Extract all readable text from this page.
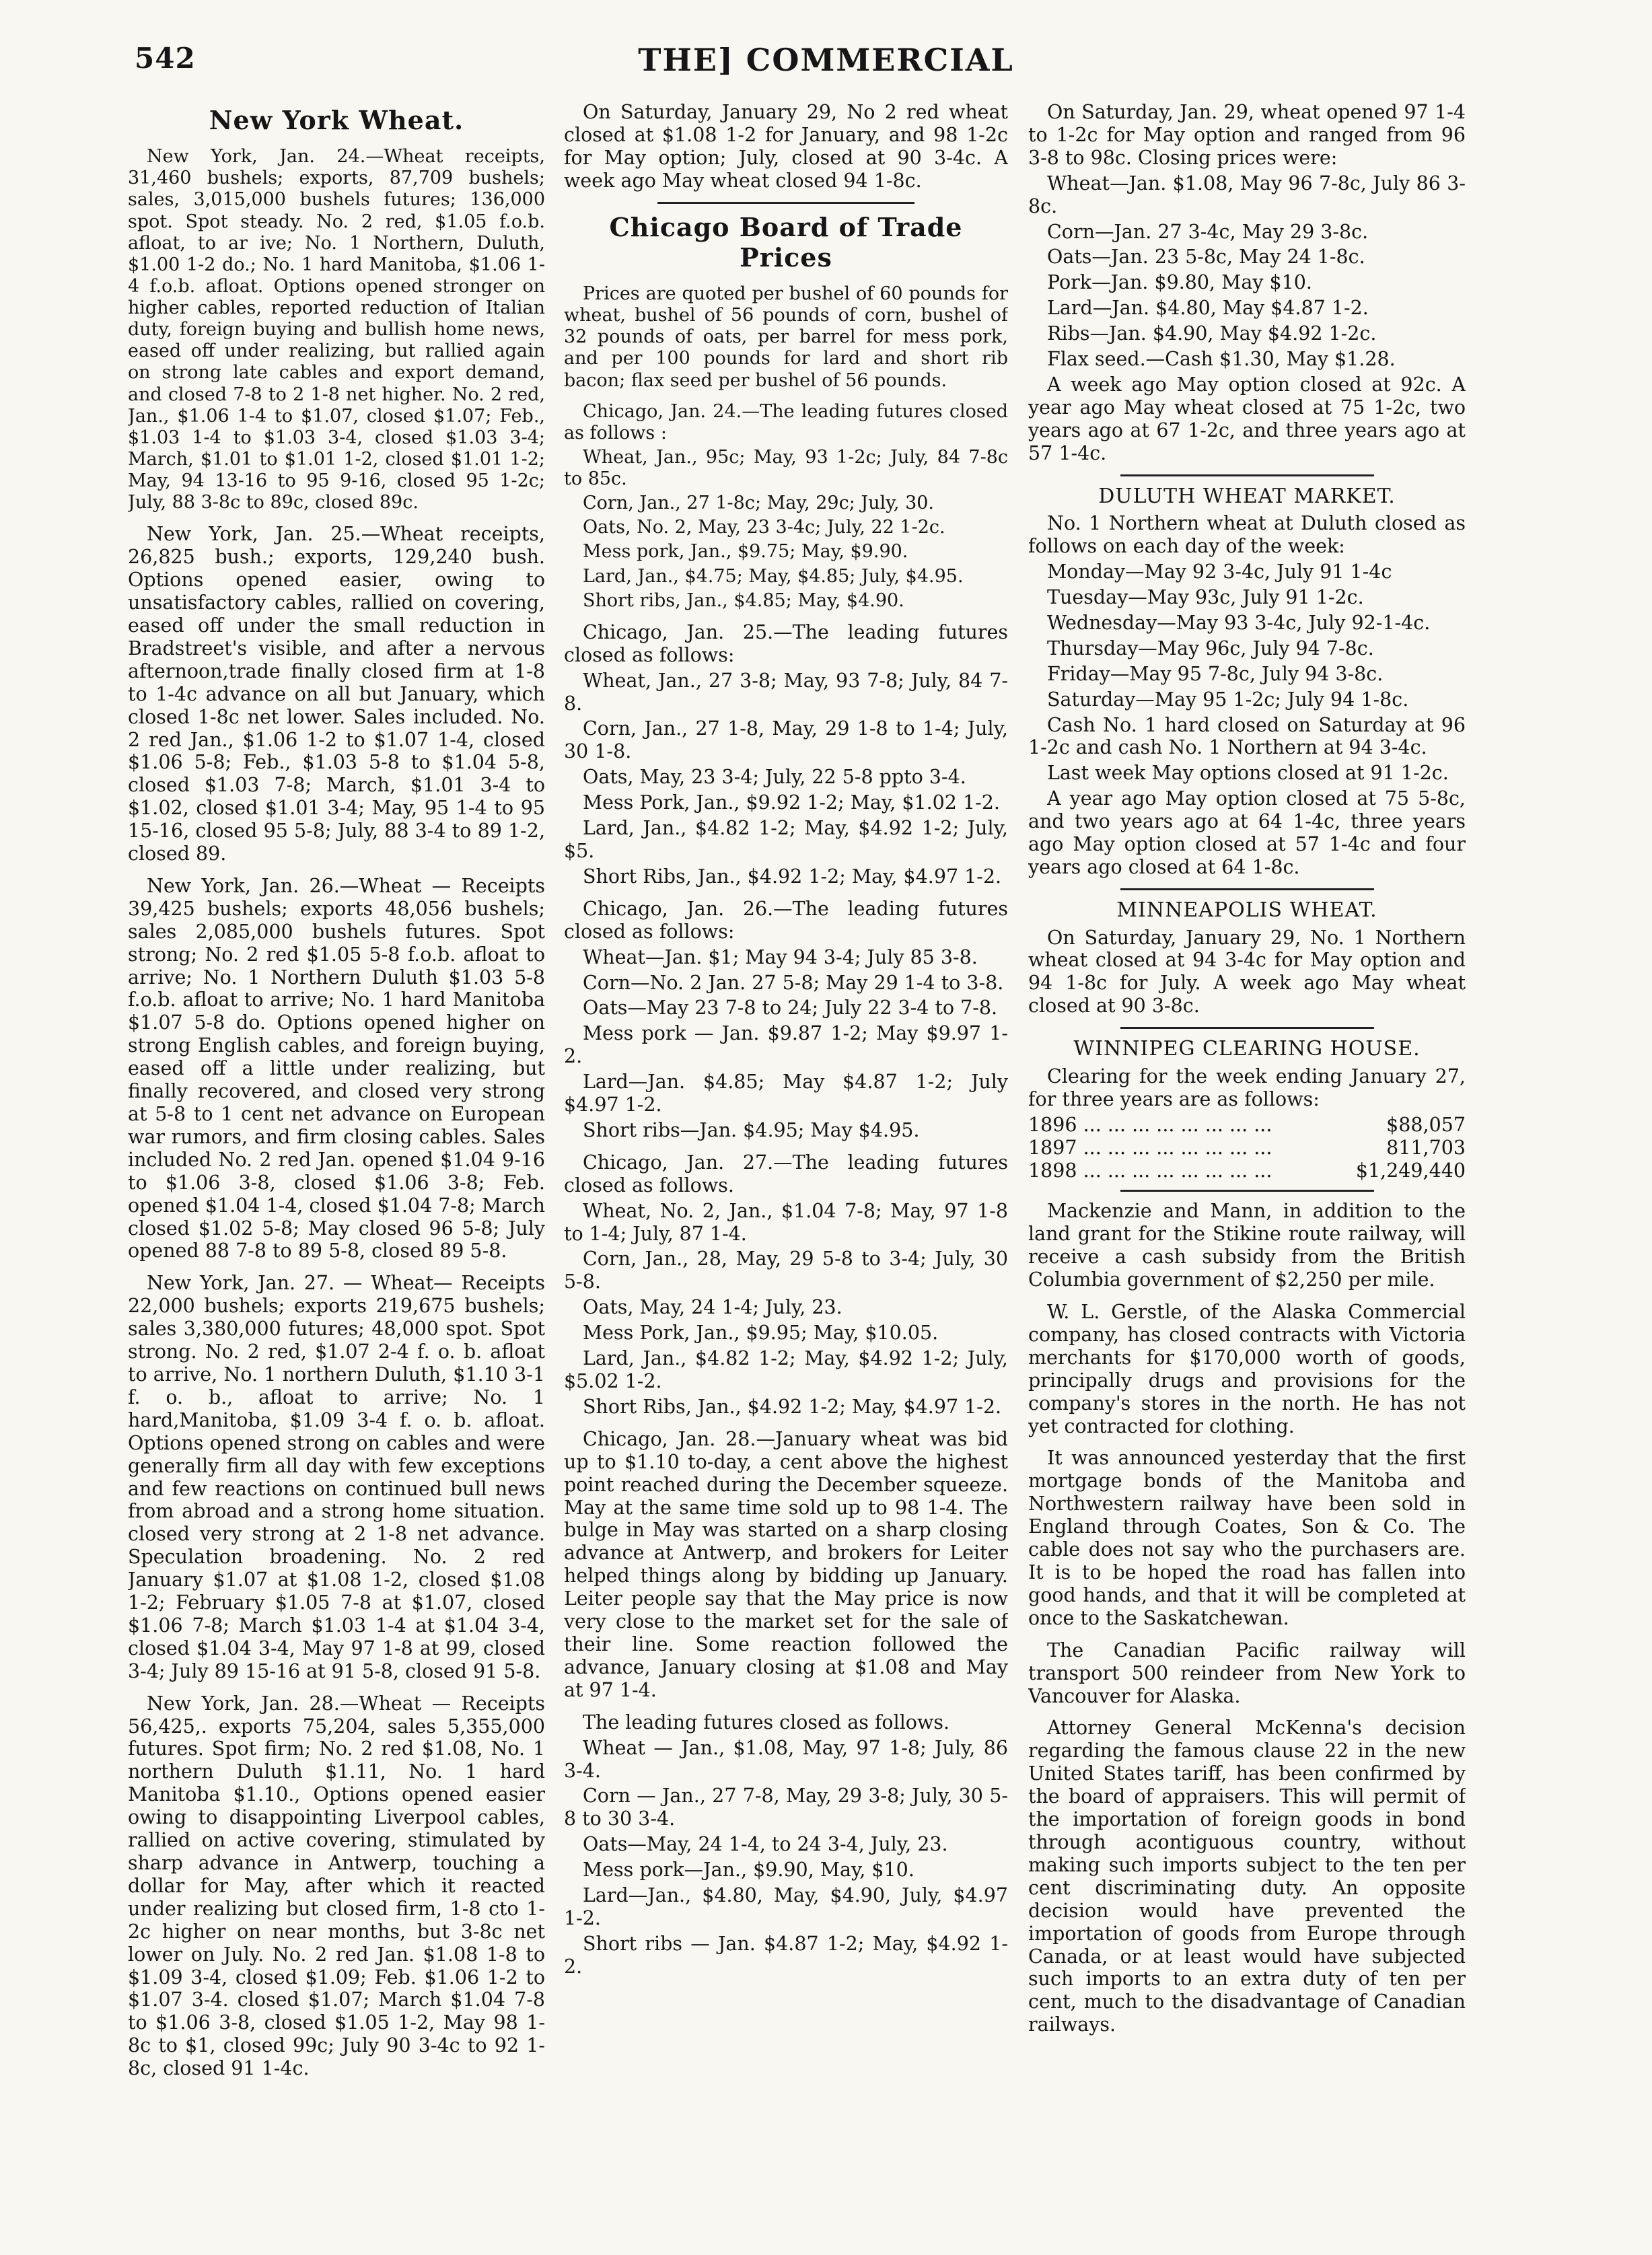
542	THE] COMMERCIAL
New York Wheat.

New York, Jan. 24.—Wheat receipts, 31,460 bushels; exports, 87,709 bushels; sales, 3,015,000 bushels futures; 136,000 spot. Spot steady. No. 2 red, $1.05 f.o.b. afloat, to ar ive; No. 1 Northern, Duluth, $1.00 1-2 do.; No. 1 hard Manitoba, $1.06 1-4 f.o.b. afloat. Options opened stronger on higher cables, reported reduction of Italian duty, foreign buying and bullish home news, eased off under realizing, but rallied again on strong late cables and export demand, and closed 7-8 to 2 1-8 net higher. No. 2 red, Jan., $1.06 1-4 to $1.07, closed $1.07; Feb., $1.03 1-4 to $1.03 3-4, closed $1.03 3-4; March, $1.01 to $1.01 1-2, closed $1.01 1-2; May, 94 13-16 to 95 9-16, closed 95 1-2c; July, 88 3-8c to 89c, closed 89c.

New York, Jan. 25.—Wheat receipts, 26,825 bush.; exports, 129,240 bush. Options opened easier, owing to unsatisfactory cables, rallied on covering, eased off under the small reduction in Bradstreet's visible, and after a nervous afternoon,trade finally closed firm at 1-8 to 1-4c advance on all but January, which closed 1-8c net lower. Sales included. No. 2 red Jan., $1.06 1-2 to $1.07 1-4, closed $1.06 5-8; Feb., $1.03 5-8 to $1.04 5-8, closed $1.03 7-8; March, $1.01 3-4 to $1.02, closed $1.01 3-4; May, 95 1-4 to 95 15-16, closed 95 5-8; July, 88 3-4 to 89 1-2, closed 89.

New York, Jan. 26.—Wheat — Receipts 39,425 bushels; exports 48,056 bushels; sales 2,085,000 bushels futures. Spot strong; No. 2 red $1.05 5-8 f.o.b. afloat to arrive; No. 1 Northern Duluth $1.03 5-8 f.o.b. afloat to arrive; No. 1 hard Manitoba $1.07 5-8 do. Options opened higher on strong English cables, and foreign buying, eased off a little under realizing, but finally recovered, and closed very strong at 5-8 to 1 cent net advance on European war rumors, and firm closing cables. Sales included No. 2 red Jan. opened $1.04 9-16 to $1.06 3-8, closed $1.06 3-8; Feb. opened $1.04 1-4, closed $1.04 7-8; March closed $1.02 5-8; May closed 96 5-8; July opened 88 7-8 to 89 5-8, closed 89 5-8.

New York, Jan. 27. — Wheat— Receipts 22,000 bushels; exports 219,675 bushels; sales 3,380,000 futures; 48,000 spot. Spot strong. No. 2 red, $1.07 2-4 f. o. b. afloat to arrive, No. 1 northern Duluth, $1.10 3-1 f. o. b., afloat to arrive; No. 1 hard,Manitoba, $1.09 3-4 f. o. b. afloat. Options opened strong on cables and were generally firm all day with few exceptions and few reactions on continued bull news from abroad and a strong home situation. closed very strong at 2 1-8 net advance. Speculation broadening. No. 2 red January $1.07 at $1.08 1-2, closed $1.08 1-2; February $1.05 7-8 at $1.07, closed $1.06 7-8; March $1.03 1-4 at $1.04 3-4, closed $1.04 3-4, May 97 1-8 at 99, closed 3-4; July 89 15-16 at 91 5-8, closed 91 5-8.

New York, Jan. 28.—Wheat — Receipts 56,425,. exports 75,204, sales 5,355,000 futures. Spot firm; No. 2 red $1.08, No. 1 northern Duluth $1.11, No. 1 hard Manitoba $1.10., Options opened easier owing to disappointing Liverpool cables, rallied on active covering, stimulated by sharp advance in Antwerp, touching a dollar for May, after which it reacted under realizing but closed firm, 1-8 cto 1-2c higher on near months, but 3-8c net lower on July. No. 2 red Jan. $1.08 1-8 to $1.09 3-4, closed $1.09; Feb. $1.06 1-2 to $1.07 3-4. closed $1.07; March $1.04 7-8 to $1.06 3-8, closed $1.05 1-2, May 98 1-8c to $1, closed 99c; July 90 3-4c to 92 1-8c, closed 91 1-4c.

On Saturday, January 29, No 2 red wheat closed at $1.08 1-2 for January, and 98 1-2c for May option; July, closed at 90 3-4c. A week ago May wheat closed 94 1-8c.

Chicago Board of Trade Prices

Prices are quoted per bushel of 60 pounds for wheat, bushel of 56 pounds of corn, bushel of 32 pounds of oats, per barrel for mess pork, and per 100 pounds for lard and short rib bacon; flax seed per bushel of 56 pounds.

Chicago, Jan. 24.—The leading futures closed as follows :

Wheat, Jan., 95c; May, 93 1-2c; July, 84 7-8c to 85c.

Corn, Jan., 27 1-8c; May, 29c; July, 30.

Oats, No. 2, May, 23 3-4c; July, 22 1-2c.

Mess pork, Jan., $9.75; May, $9.90.

Lard, Jan., $4.75; May, $4.85; July, $4.95.

Short ribs, Jan., $4.85; May, $4.90.

Chicago, Jan. 25.—The leading futures closed as follows:

Wheat, Jan., 27 3-8; May, 93 7-8; July, 84 7-8.

Corn, Jan., 27 1-8, May, 29 1-8 to 1-4; July, 30 1-8.

Oats, May, 23 3-4; July, 22 5-8 ppto 3-4.

Mess Pork, Jan., $9.92 1-2; May, $1.02 1-2.

Lard, Jan., $4.82 1-2; May, $4.92 1-2; July, $5.

Short Ribs, Jan., $4.92 1-2; May, $4.97 1-2.

Chicago, Jan. 26.—The leading futures closed as follows:

Wheat—Jan. $1; May 94 3-4; July 85 3-8.

Corn—No. 2 Jan. 27 5-8; May 29 1-4 to 3-8.

Oats—May 23 7-8 to 24; July 22 3-4 to 7-8.

Mess pork — Jan. $9.87 1-2; May $9.97 1-2.

Lard—Jan. $4.85; May $4.87 1-2; July $4.97 1-2.

Short ribs—Jan. $4.95; May $4.95.

Chicago, Jan. 27.—The leading futures closed as follows.

Wheat, No. 2, Jan., $1.04 7-8; May, 97 1-8 to 1-4; July, 87 1-4.

Corn, Jan., 28, May, 29 5-8 to 3-4; July, 30 5-8.

Oats, May, 24 1-4; July, 23.

Mess Pork, Jan., $9.95; May, $10.05.

Lard, Jan., $4.82 1-2; May, $4.92 1-2; July, $5.02 1-2.

Short Ribs, Jan., $4.92 1-2; May, $4.97 1-2.

Chicago, Jan. 28.—January wheat was bid up to $1.10 to-day, a cent above the highest point reached during the December squeeze. May at the same time sold up to 98 1-4. The bulge in May was started on a sharp closing advance at Antwerp, and brokers for Leiter helped things along by bidding up January. Leiter people say that the May price is now very close to the market set for the sale of their line. Some reaction followed the advance, January closing at $1.08 and May at 97 1-4.

The leading futures closed as follows.

Wheat — Jan., $1.08, May, 97 1-8; July, 86 3-4.

Corn — Jan., 27 7-8, May, 29 3-8; July, 30 5-8 to 30 3-4.

Oats—May, 24 1-4, to 24 3-4, July, 23.

Mess pork—Jan., $9.90, May, $10.

Lard—Jan., $4.80, May, $4.90, July, $4.97 1-2.

Short ribs — Jan. $4.87 1-2; May, $4.92 1-2.

On Saturday, Jan. 29, wheat opened 97 1-4 to 1-2c for May option and ranged from 96 3-8 to 98c. Closing prices were:

Wheat—Jan. $1.08, May 96 7-8c, July 86 3-8c.

Corn—Jan. 27 3-4c, May 29 3-8c.

Oats—Jan. 23 5-8c, May 24 1-8c.

Pork—Jan. $9.80, May $10.

Lard—Jan. $4.80, May $4.87 1-2.

Ribs—Jan. $4.90, May $4.92 1-2c.

Flax seed.—Cash $1.30, May $1.28.

A week ago May option closed at 92c. A year ago May wheat closed at 75 1-2c, two years ago at 67 1-2c, and three years ago at 57 1-4c.

DULUTH WHEAT MARKET.

No. 1 Northern wheat at Duluth closed as follows on each day of the week:

Monday—May 92 3-4c, July 91 1-4c

Tuesday—May 93c, July 91 1-2c.

Wednesday—May 93 3-4c, July 92-1-4c.

Thursday—May 96c, July 94 7-8c.

Friday—May 95 7-8c, July 94 3-8c.

Saturday—May 95 1-2c; July 94 1-8c.

Cash No. 1 hard closed on Saturday at 96 1-2c and cash No. 1 Northern at 94 3-4c.

Last week May options closed at 91 1-2c.

A year ago May option closed at 75 5-8c, and two years ago at 64 1-4c, three years ago May option closed at 57 1-4c and four years ago closed at 64 1-8c.

MINNEAPOLIS WHEAT.

On Saturday, January 29, No. 1 Northern wheat closed at 94 3-4c for May option and 94 1-8c for July. A week ago May wheat closed at 90 3-8c.

WINNIPEG CLEARING HOUSE.

Clearing for the week ending January 27, for three years are as follows:

1896 ... ... ... ... ... ... ... ...	$88,057
1897 ... ... ... ... ... ... ... ...	811,703
1898 ... ... ... ... ... ... ... ...	$1,249,440

Mackenzie and Mann, in addition to the land grant for the Stikine route railway, will receive a cash subsidy from the British Columbia government of $2,250 per mile.

W. L. Gerstle, of the Alaska Commercial company, has closed contracts with Victoria merchants for $170,000 worth of goods, principally drugs and provisions for the company's stores in the north. He has not yet contracted for clothing.

It was announced yesterday that the first mortgage bonds of the Manitoba and Northwestern railway have been sold in England through Coates, Son & Co. The cable does not say who the purchasers are. It is to be hoped the road has fallen into good hands, and that it will be completed at once to the Saskatchewan.

The Canadian Pacific railway will transport 500 reindeer from New York to Vancouver for Alaska.

Attorney General McKenna's decision regarding the famous clause 22 in the new United States tariff, has been confirmed by the board of appraisers. This will permit of the importation of foreign goods in bond through acontiguous country, without making such imports subject to the ten per cent discriminating duty. An opposite decision would have prevented the importation of goods from Europe through Canada, or at least would have subjected such imports to an extra duty of ten per cent, much to the disadvantage of Canadian railways.
